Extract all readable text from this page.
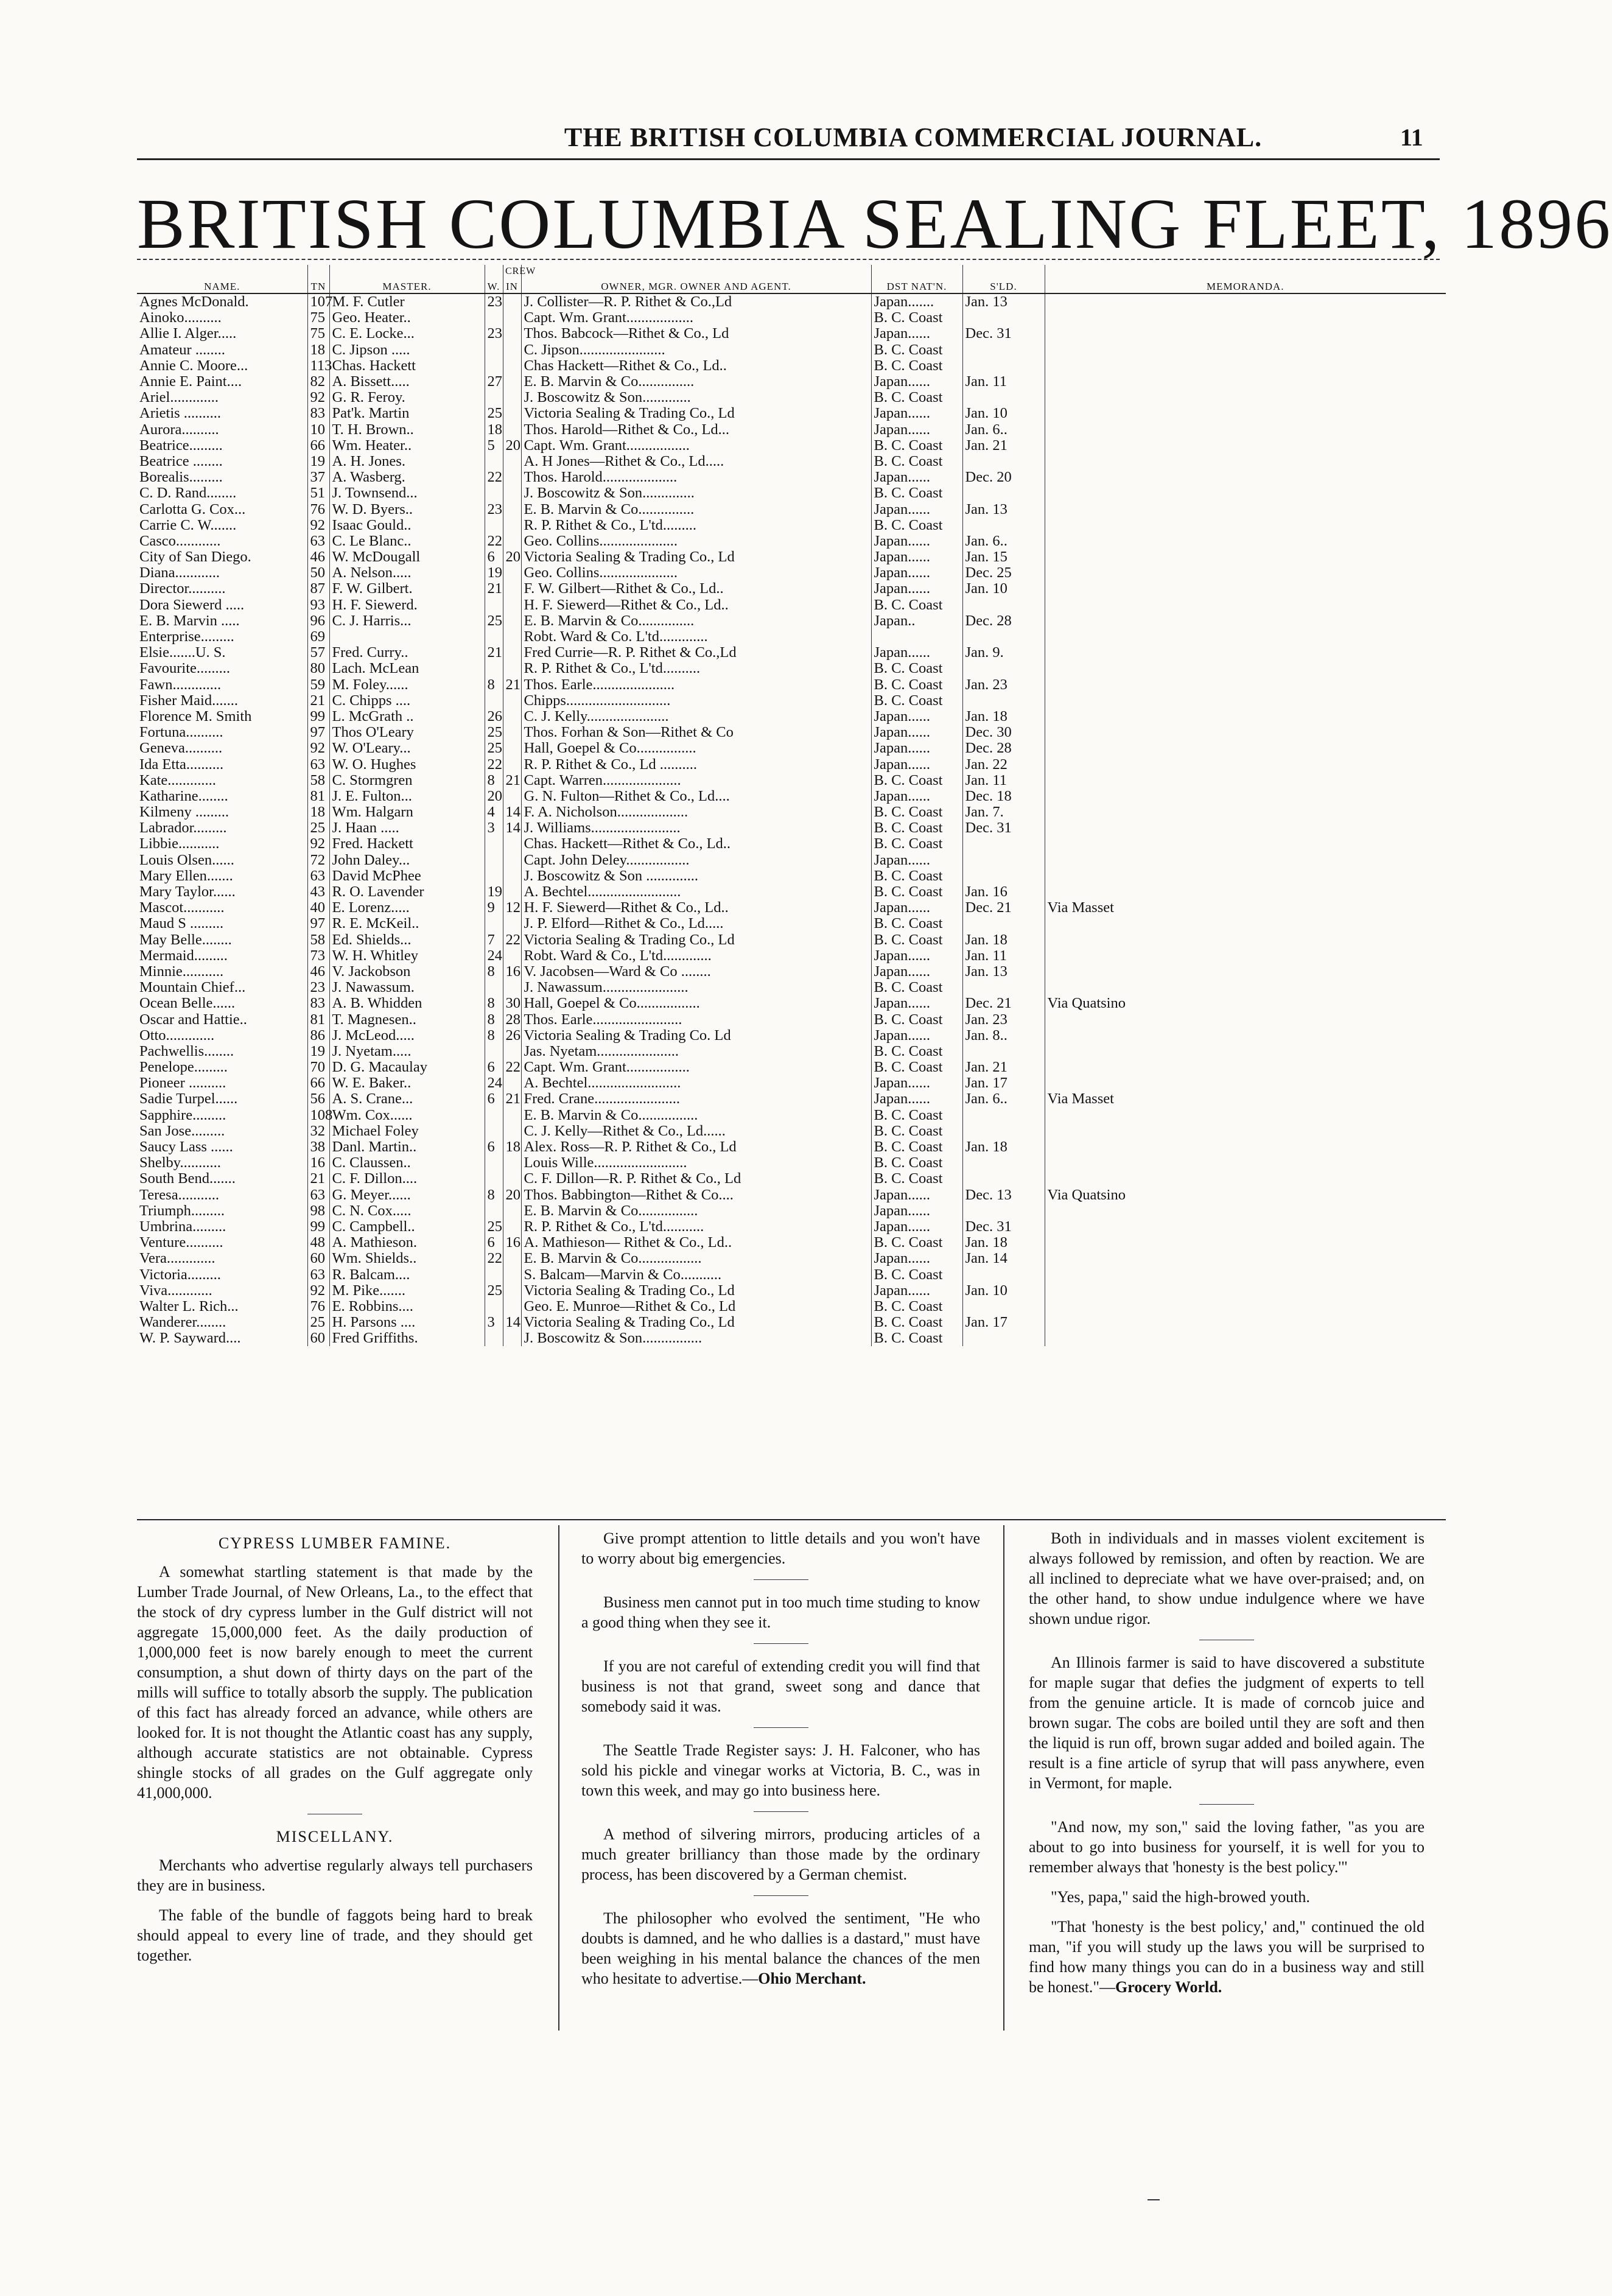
THE BRITISH COLUMBIA COMMERCIAL JOURNAL.	11
BRITISH COLUMBIA SEALING FLEET, 1896
NAME.	TN	MASTER.	W.	IN	OWNER, MGR. OWNER AND AGENT.	DST NAT'N.	S'LD.	MEMORANDA.
Agnes McDonald.	107	M. F. Cutler	23		J. Collister—R. P. Rithet & Co.,Ld	Japan.......	Jan. 13	
Ainoko..........	75	Geo. Heater..			Capt. Wm. Grant..................	B. C. Coast		
Allie I. Alger.....	75	C. E. Locke...	23		Thos. Babcock—Rithet & Co., Ld	Japan......	Dec. 31	
Amateur ........	18	C. Jipson .....			C. Jipson.......................	B. C. Coast		
Annie C. Moore...	113	Chas. Hackett			Chas Hackett—Rithet & Co., Ld..	B. C. Coast		
Annie E. Paint....	82	A. Bissett.....	27		E. B. Marvin & Co...............	Japan......	Jan. 11	
Ariel.............	92	G. R. Feroy.			J. Boscowitz & Son.............	B. C. Coast		
Arietis ..........	83	Pat'k. Martin	25		Victoria Sealing & Trading Co., Ld	Japan......	Jan. 10	
Aurora..........	10	T. H. Brown..	18		Thos. Harold—Rithet & Co., Ld...	Japan......	Jan. 6..	
Beatrice.........	66	Wm. Heater..	5	20	Capt. Wm. Grant.................	B. C. Coast	Jan. 21	
Beatrice ........	19	A. H. Jones.			A. H Jones—Rithet & Co., Ld.....	B. C. Coast		
Borealis.........	37	A. Wasberg.	22		Thos. Harold....................	Japan......	Dec. 20	
C. D. Rand........	51	J. Townsend...			J. Boscowitz & Son..............	B. C. Coast		
Carlotta G. Cox...	76	W. D. Byers..	23		E. B. Marvin & Co...............	Japan......	Jan. 13	
Carrie C. W.......	92	Isaac Gould..			R. P. Rithet & Co., L'td.........	B. C. Coast		
Casco............	63	C. Le Blanc..	22		Geo. Collins.....................	Japan......	Jan. 6..	
City of San Diego.	46	W. McDougall	6	20	Victoria Sealing & Trading Co., Ld	Japan......	Jan. 15	
Diana............	50	A. Nelson.....	19		Geo. Collins.....................	Japan......	Dec. 25	
Director..........	87	F. W. Gilbert.	21		F. W. Gilbert—Rithet & Co., Ld..	Japan......	Jan. 10	
Dora Siewerd .....	93	H. F. Siewerd.			H. F. Siewerd—Rithet & Co., Ld..	B. C. Coast		
E. B. Marvin .....	96	C. J. Harris...	25		E. B. Marvin & Co...............	Japan..	Dec. 28	
Enterprise.........	69				Robt. Ward & Co. L'td.............			
Elsie.......U. S.	57	Fred. Curry..	21		Fred Currie—R. P. Rithet & Co.,Ld	Japan......	Jan. 9.	
Favourite.........	80	Lach. McLean			R. P. Rithet & Co., L'td..........	B. C. Coast		
Fawn.............	59	M. Foley......	8	21	Thos. Earle......................	B. C. Coast	Jan. 23	
Fisher Maid.......	21	C. Chipps ....			Chipps............................	B. C. Coast		
Florence M. Smith	99	L. McGrath ..	26		C. J. Kelly......................	Japan......	Jan. 18	
Fortuna..........	97	Thos O'Leary	25		Thos. Forhan & Son—Rithet & Co	Japan......	Dec. 30	
Geneva..........	92	W. O'Leary...	25		Hall, Goepel & Co................	Japan......	Dec. 28	
Ida Etta..........	63	W. O. Hughes	22		R. P. Rithet & Co., Ld ..........	Japan......	Jan. 22	
Kate.............	58	C. Stormgren	8	21	Capt. Warren.....................	B. C. Coast	Jan. 11	
Katharine........	81	J. E. Fulton...	20		G. N. Fulton—Rithet & Co., Ld....	Japan......	Dec. 18	
Kilmeny .........	18	Wm. Halgarn	4	14	F. A. Nicholson...................	B. C. Coast	Jan. 7.	
Labrador.........	25	J. Haan .....	3	14	J. Williams........................	B. C. Coast	Dec. 31	
Libbie...........	92	Fred. Hackett			Chas. Hackett—Rithet & Co., Ld..	B. C. Coast		
Louis Olsen......	72	John Daley...			Capt. John Deley.................	Japan......		
Mary Ellen.......	63	David McPhee			J. Boscowitz & Son ..............	B. C. Coast		
Mary Taylor......	43	R. O. Lavender	19		A. Bechtel.........................	B. C. Coast	Jan. 16	
Mascot...........	40	E. Lorenz.....	9	12	H. F. Siewerd—Rithet & Co., Ld..	Japan......	Dec. 21	Via Masset
Maud S .........	97	R. E. McKeil..			J. P. Elford—Rithet & Co., Ld.....	B. C. Coast		
May Belle........	58	Ed. Shields...	7	22	Victoria Sealing & Trading Co., Ld	B. C. Coast	Jan. 18	
Mermaid.........	73	W. H. Whitley	24		Robt. Ward & Co., L'td.............	Japan......	Jan. 11	
Minnie...........	46	V. Jackobson	8	16	V. Jacobsen—Ward & Co ........	Japan......	Jan. 13	
Mountain Chief...	23	J. Nawassum.			J. Nawassum.......................	B. C. Coast		
Ocean Belle......	83	A. B. Whidden	8	30	Hall, Goepel & Co.................	Japan......	Dec. 21	Via Quatsino
Oscar and Hattie..	81	T. Magnesen..	8	28	Thos. Earle........................	B. C. Coast	Jan. 23	
Otto.............	86	J. McLeod.....	8	26	Victoria Sealing & Trading Co. Ld	Japan......	Jan. 8..	
Pachwellis........	19	J. Nyetam.....			Jas. Nyetam......................	B. C. Coast		
Penelope.........	70	D. G. Macaulay	6	22	Capt. Wm. Grant.................	B. C. Coast	Jan. 21	
Pioneer ..........	66	W. E. Baker..	24		A. Bechtel.........................	Japan......	Jan. 17	
Sadie Turpel......	56	A. S. Crane...	6	21	Fred. Crane.......................	Japan......	Jan. 6..	Via Masset
Sapphire.........	108	Wm. Cox......			E. B. Marvin & Co................	B. C. Coast		
San Jose.........	32	Michael Foley			C. J. Kelly—Rithet & Co., Ld......	B. C. Coast		
Saucy Lass ......	38	Danl. Martin..	6	18	Alex. Ross—R. P. Rithet & Co., Ld	B. C. Coast	Jan. 18	
Shelby...........	16	C. Claussen..			Louis Wille.........................	B. C. Coast		
South Bend.......	21	C. F. Dillon....			C. F. Dillon—R. P. Rithet & Co., Ld	B. C. Coast		
Teresa...........	63	G. Meyer......	8	20	Thos. Babbington—Rithet & Co....	Japan......	Dec. 13	Via Quatsino
Triumph.........	98	C. N. Cox.....			E. B. Marvin & Co................	Japan......		
Umbrina.........	99	C. Campbell..	25		R. P. Rithet & Co., L'td...........	Japan......	Dec. 31	
Venture..........	48	A. Mathieson.	6	16	A. Mathieson— Rithet & Co., Ld..	B. C. Coast	Jan. 18	
Vera.............	60	Wm. Shields..	22		E. B. Marvin & Co.................	Japan......	Jan. 14	
Victoria.........	63	R. Balcam....			S. Balcam—Marvin & Co...........	B. C. Coast		
Viva............	92	M. Pike.......	25		Victoria Sealing & Trading Co., Ld	Japan......	Jan. 10	
Walter L. Rich...	76	E. Robbins....			Geo. E. Munroe—Rithet & Co., Ld	B. C. Coast		
Wanderer........	25	H. Parsons ....	3	14	Victoria Sealing & Trading Co., Ld	B. C. Coast	Jan. 17	
W. P. Sayward....	60	Fred Griffiths.			J. Boscowitz & Son................	B. C. Coast		
CREW
CYPRESS LUMBER FAMINE.

A somewhat startling statement is that made by the Lumber Trade Journal, of New Orleans, La., to the effect that the stock of dry cypress lumber in the Gulf district will not aggregate 15,000,000 feet. As the daily production of 1,000,000 feet is now barely enough to meet the current consumption, a shut down of thirty days on the part of the mills will suffice to totally absorb the supply. The publication of this fact has already forced an advance, while others are looked for. It is not thought the Atlantic coast has any supply, although accurate statistics are not obtainable. Cypress shingle stocks of all grades on the Gulf aggregate only 41,000,000.

MISCELLANY.

Merchants who advertise regularly always tell purchasers they are in business.

The fable of the bundle of faggots being hard to break should appeal to every line of trade, and they should get together.

Give prompt attention to little details and you won't have to worry about big emergencies.

Business men cannot put in too much time studing to know a good thing when they see it.

If you are not careful of extending credit you will find that business is not that grand, sweet song and dance that somebody said it was.

The Seattle Trade Register says: J. H. Falconer, who has sold his pickle and vinegar works at Victoria, B. C., was in town this week, and may go into business here.

A method of silvering mirrors, producing articles of a much greater brilliancy than those made by the ordinary process, has been discovered by a German chemist.

The philosopher who evolved the sentiment, "He who doubts is damned, and he who dallies is a dastard," must have been weighing in his mental balance the chances of the men who hesitate to advertise.—Ohio Merchant.

Both in individuals and in masses violent excitement is always followed by remission, and often by reaction. We are all inclined to depreciate what we have over-praised; and, on the other hand, to show undue indulgence where we have shown undue rigor.

An Illinois farmer is said to have discovered a substitute for maple sugar that defies the judgment of experts to tell from the genuine article. It is made of corncob juice and brown sugar. The cobs are boiled until they are soft and then the liquid is run off, brown sugar added and boiled again. The result is a fine article of syrup that will pass anywhere, even in Vermont, for maple.

"And now, my son," said the loving father, "as you are about to go into business for yourself, it is well for you to remember always that 'honesty is the best policy.'"

"Yes, papa," said the high-browed youth.

"That 'honesty is the best policy,' and," continued the old man, "if you will study up the laws you will be surprised to find how many things you can do in a business way and still be honest."—Grocery World.
